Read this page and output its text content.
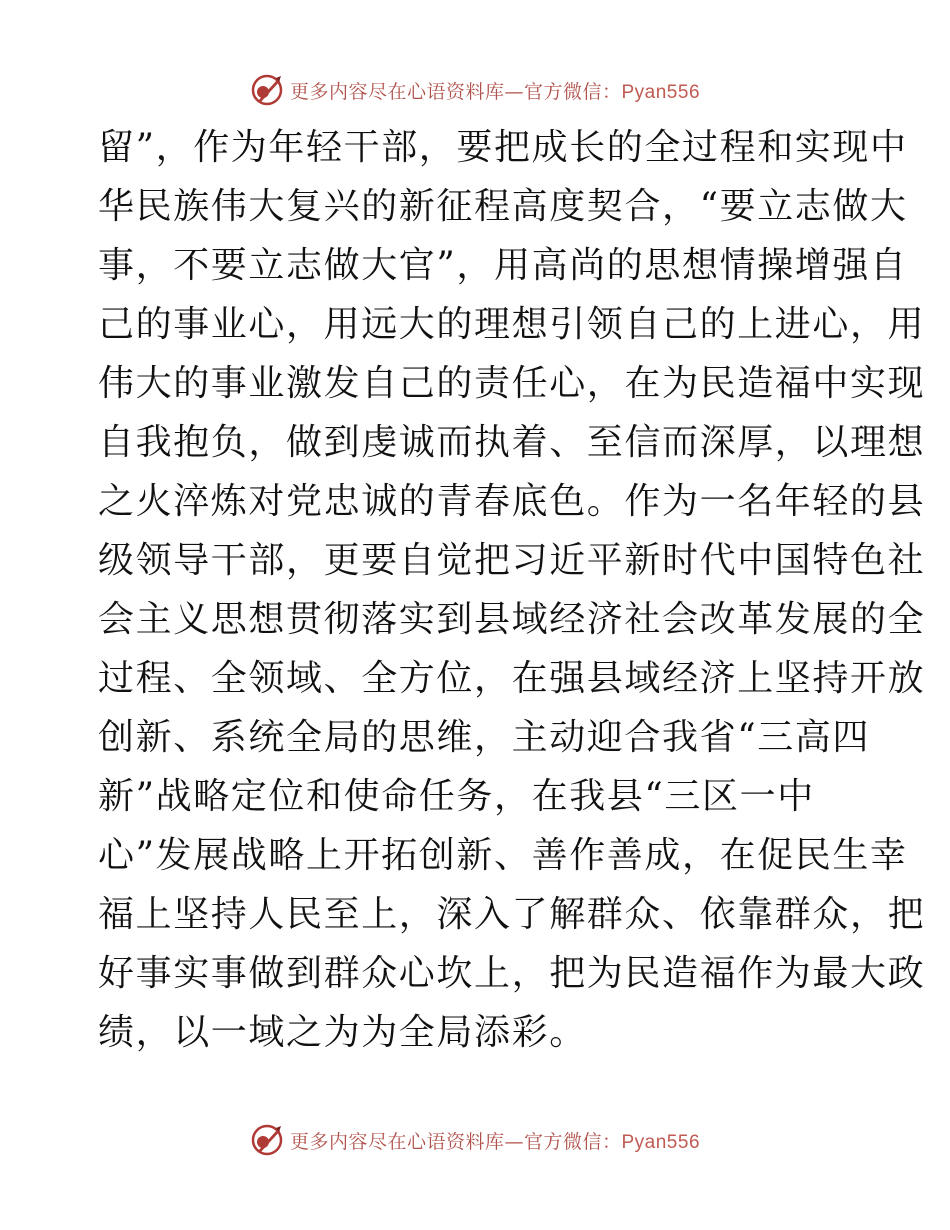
更多内容尽在心语资料库—官方微信：Pyan556
留”，作为年轻干部，要把成长的全过程和实现中
华民族伟大复兴的新征程高度契合，“要立志做大
事，不要立志做大官”，用高尚的思想情操增强自
己的事业心，用远大的理想引领自己的上进心，用
伟大的事业激发自己的责任心，在为民造福中实现
自我抱负，做到虔诚而执着、至信而深厚，以理想
之火淬炼对党忠诚的青春底色。作为一名年轻的县
级领导干部，更要自觉把习近平新时代中国特色社
会主义思想贯彻落实到县域经济社会改革发展的全
过程、全领域、全方位，在强县域经济上坚持开放
创新、系统全局的思维，主动迎合我省“三高四
新”战略定位和使命任务，在我县“三区一中
心”发展战略上开拓创新、善作善成，在促民生幸
福上坚持人民至上，深入了解群众、依靠群众，把
好事实事做到群众心坎上，把为民造福作为最大政
绩，以一域之为为全局添彩。
更多内容尽在心语资料库—官方微信：Pyan556
